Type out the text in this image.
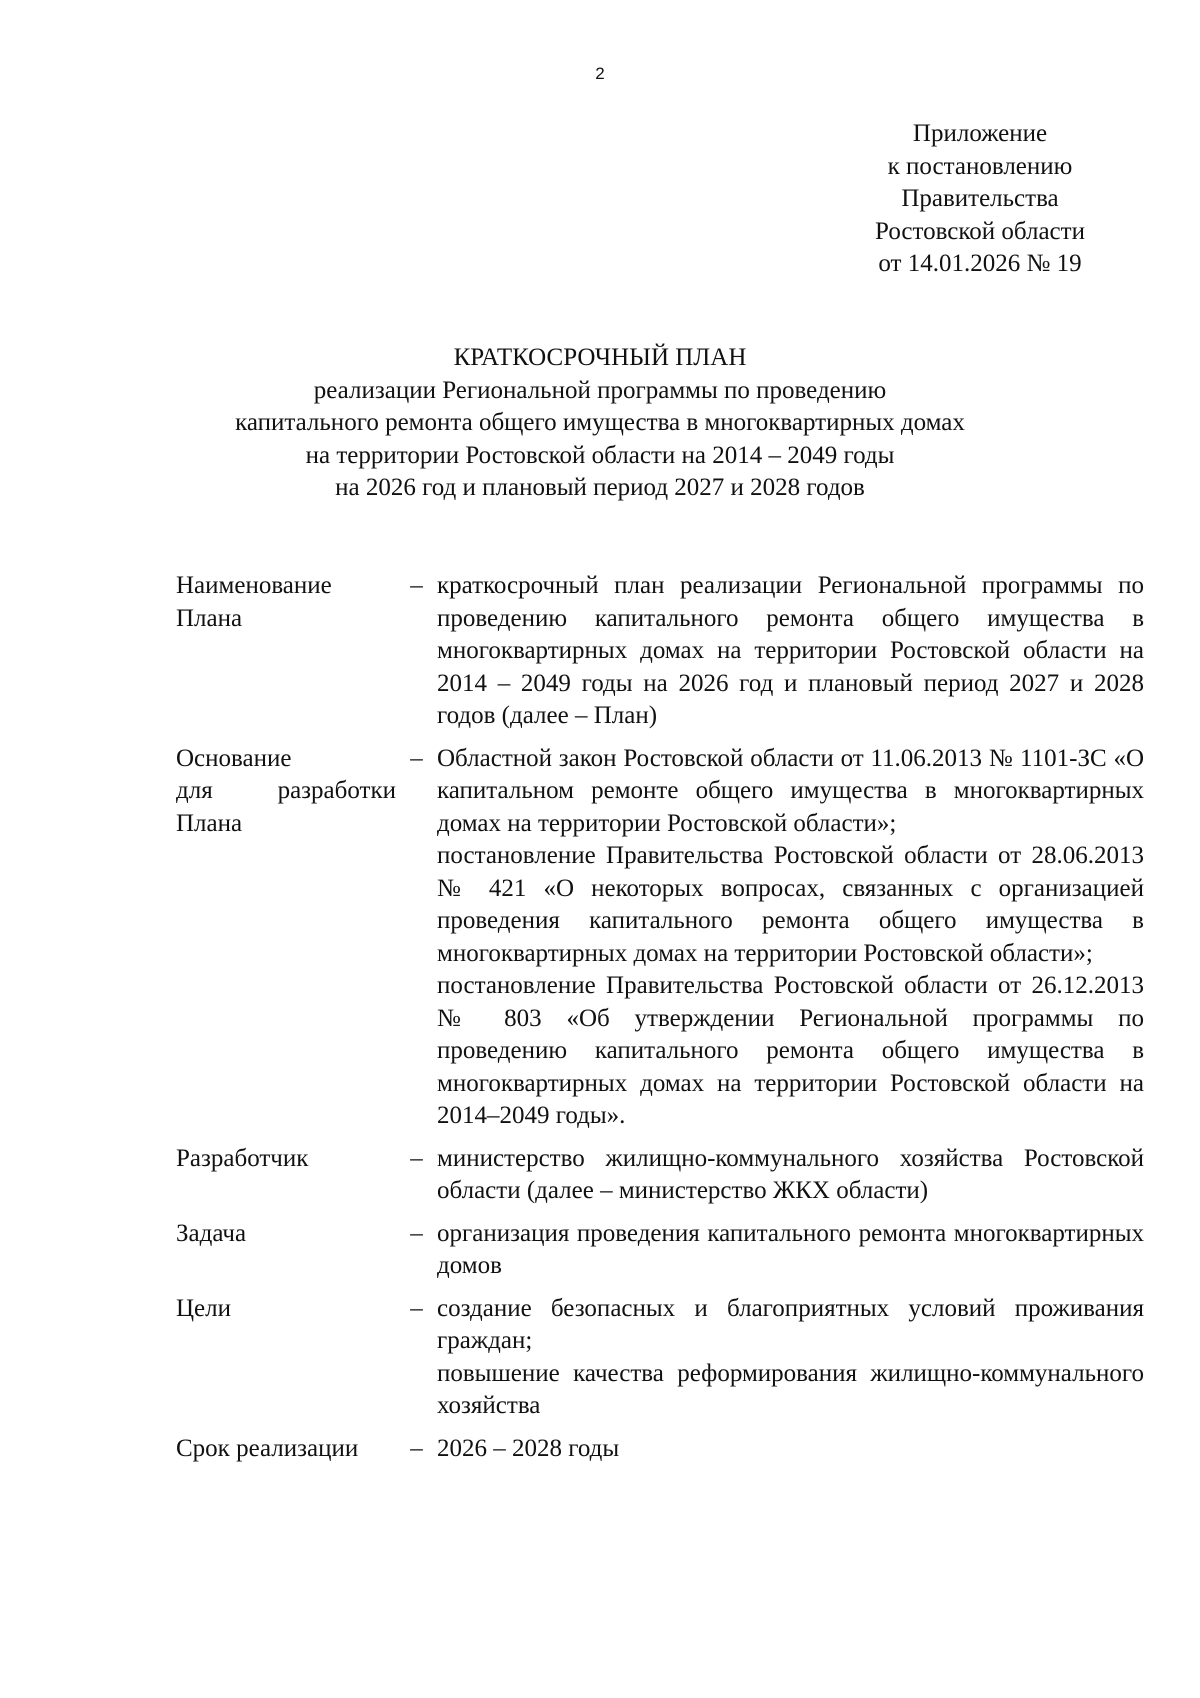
2
Приложение
к постановлению
Правительства
Ростовской области
от 14.01.2026 № 19
КРАТКОСРОЧНЫЙ ПЛАН
реализации Региональной программы по проведению
капитального ремонта общего имущества в многоквартирных домах
на территории Ростовской области на 2014 – 2049 годы
на 2026 год и плановый период 2027 и 2028 годов
Наименование
Плана
– краткосрочный план реализации Региональной программы по проведению капитального ремонта общего имущества в многоквартирных домах на территории Ростовской области на 2014 – 2049 годы на 2026 год и плановый период 2027 и 2028 годов (далее – План)
Основание
для разработки
Плана
– Областной закон Ростовской области от 11.06.2013 № 1101-ЗС «О капитальном ремонте общего имущества в многоквартирных домах на территории Ростовской области»;
постановление Правительства Ростовской области от 28.06.2013 № 421 «О некоторых вопросах, связанных с организацией проведения капитального ремонта общего имущества в многоквартирных домах на территории Ростовской области»;
постановление Правительства Ростовской области от 26.12.2013 № 803 «Об утверждении Региональной программы по проведению капитального ремонта общего имущества в многоквартирных домах на территории Ростовской области на 2014–2049 годы».
Разработчик	– министерство жилищно-коммунального хозяйства Ростовской области (далее – министерство ЖКХ области)
Задача	– организация проведения капитального ремонта многоквартирных домов
Цели	– создание безопасных и благоприятных условий проживания граждан;
повышение качества реформирования жилищно-коммунального хозяйства
Срок реализации	– 2026 – 2028 годы
